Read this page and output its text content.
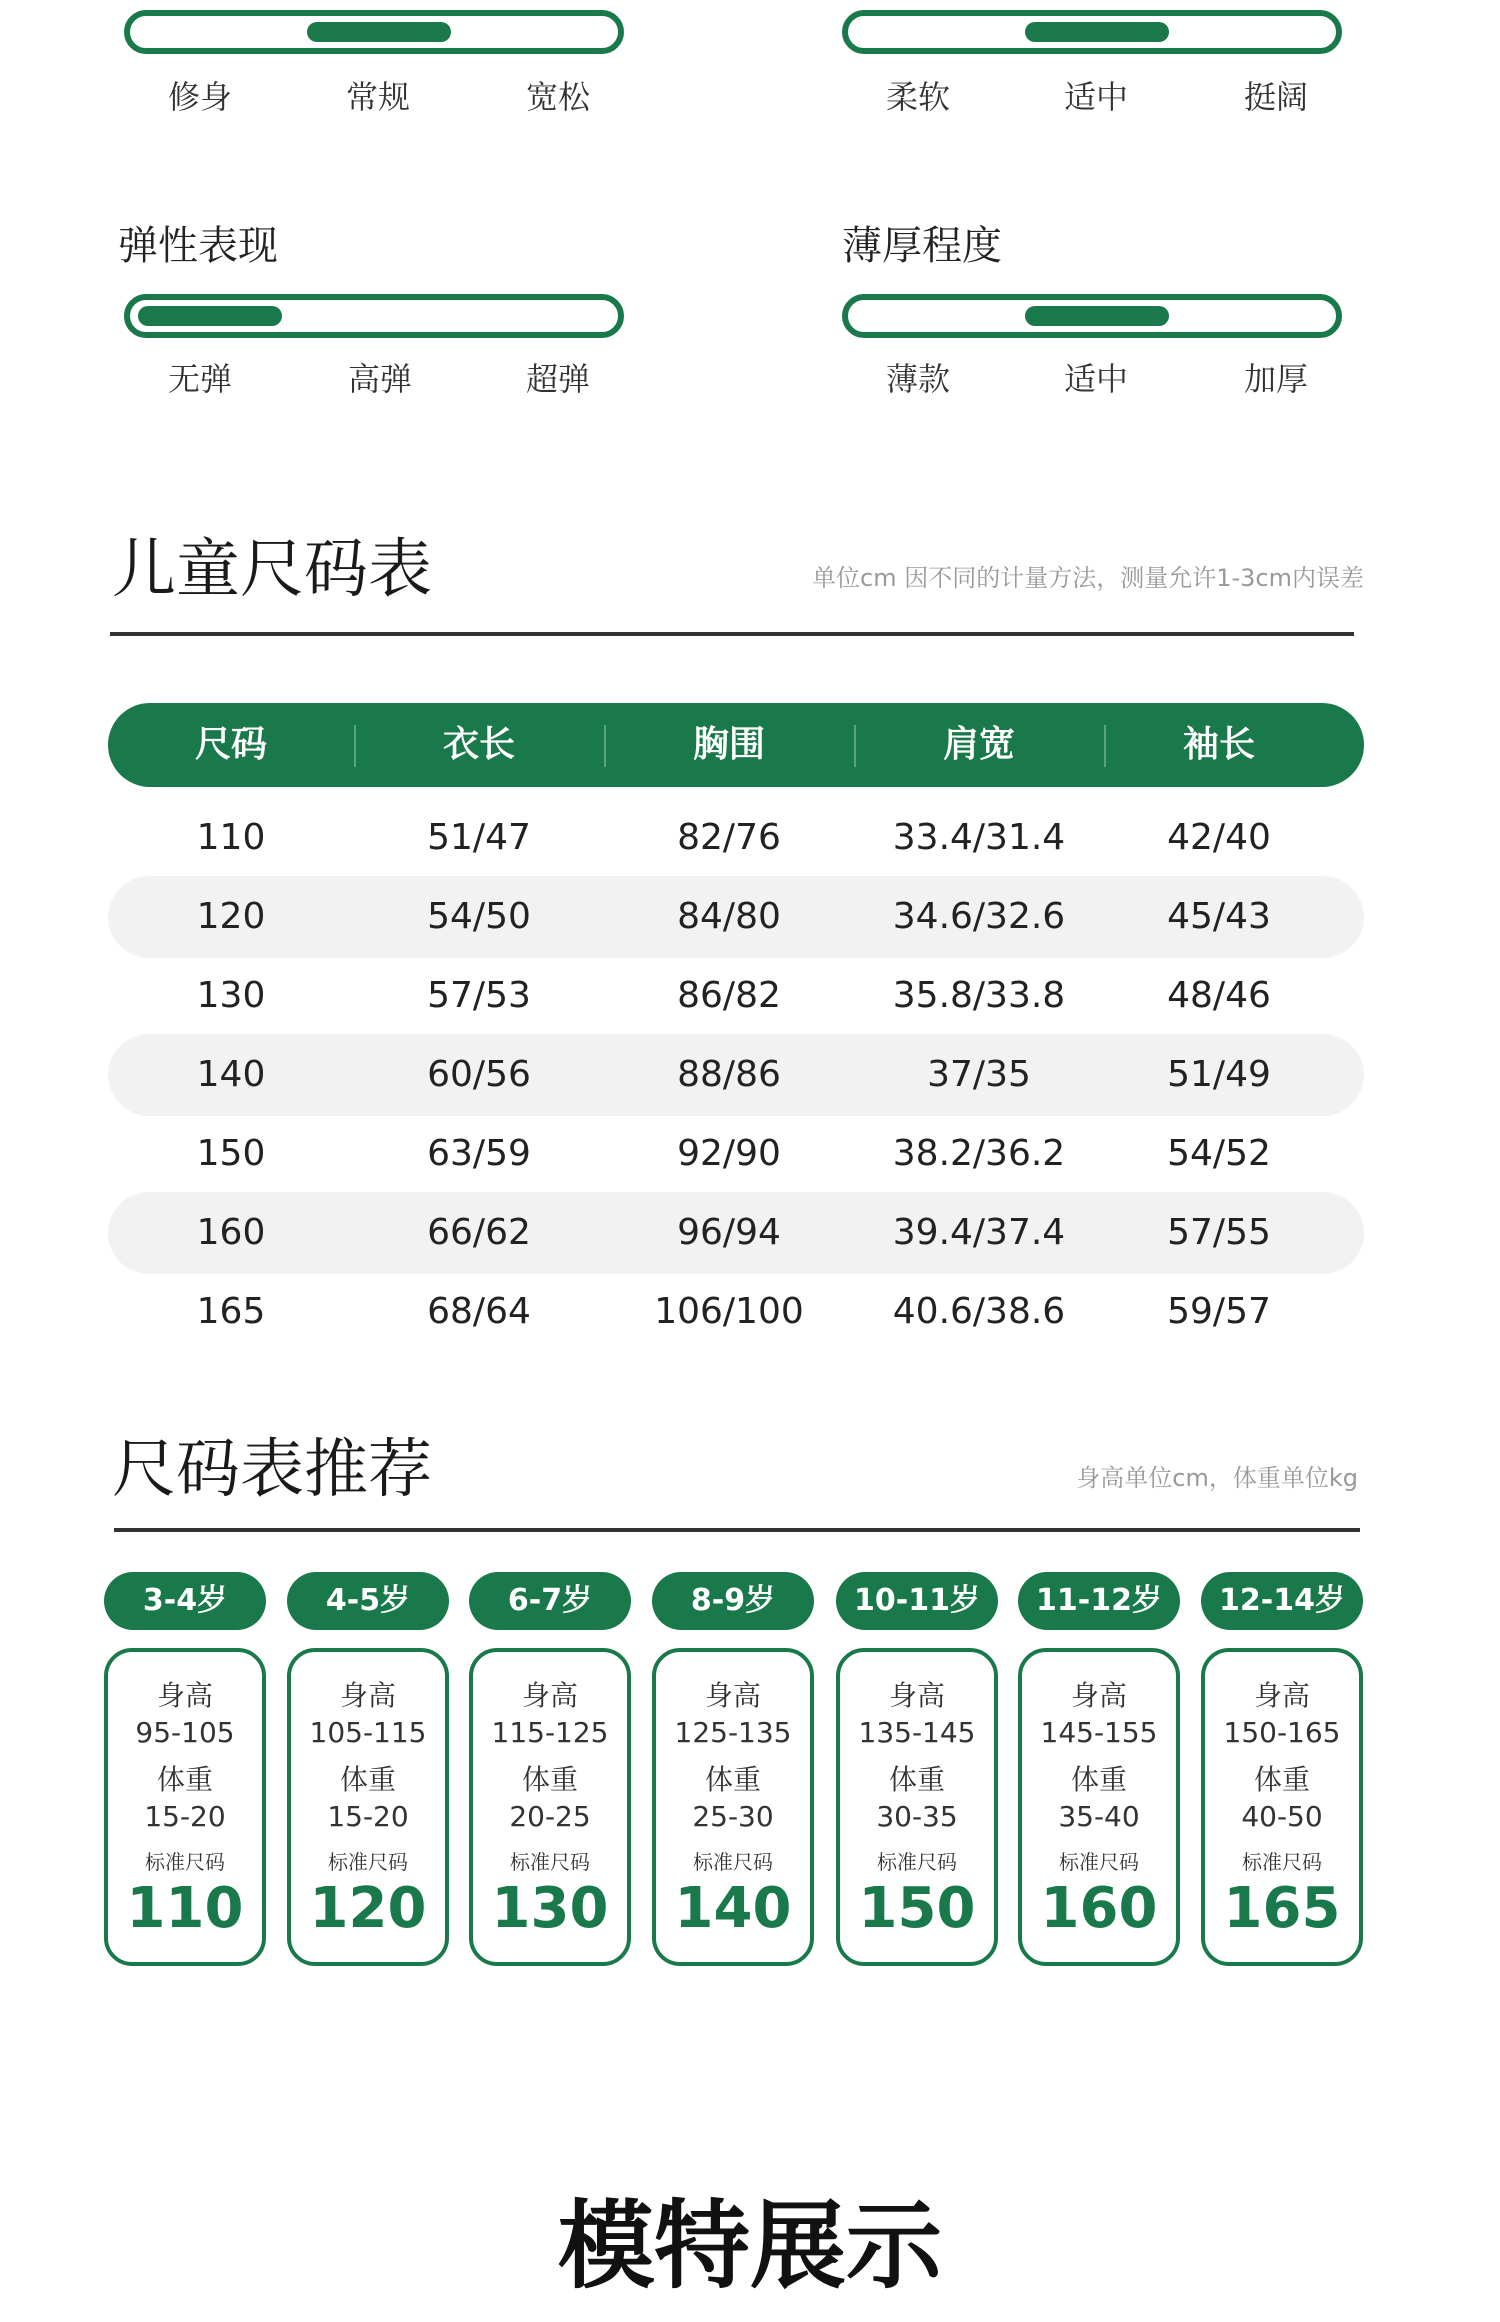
修身	常规	宽松	柔软	适中	挺阔
弹性表现
无弹	高弹	超弹
薄厚程度
薄款	适中	加厚
儿童尺码表	单位cm 因不同的计量方法，测量允许1-3cm内误差
尺码	衣长	胸围	肩宽	袖长
110	51/47	82/76	33.4/31.4	42/40
120	54/50	84/80	34.6/32.6	45/43
130	57/53	86/82	35.8/33.8	48/46
140	60/56	88/86	37/35	51/49
150	63/59	92/90	38.2/36.2	54/52
160	66/62	96/94	39.4/37.4	57/55
165	68/64	106/100	40.6/38.6	59/57
尺码表推荐	身高单位cm，体重单位kg
3-4岁
身高
95-105
体重
15-20
标准尺码
110
4-5岁
身高
105-115
体重
15-20
标准尺码
120
6-7岁
身高
115-125
体重
20-25
标准尺码
130
8-9岁
身高
125-135
体重
25-30
标准尺码
140
10-11岁
身高
135-145
体重
30-35
标准尺码
150
11-12岁
身高
145-155
体重
35-40
标准尺码
160
12-14岁
身高
150-165
体重
40-50
标准尺码
165
模特展示
